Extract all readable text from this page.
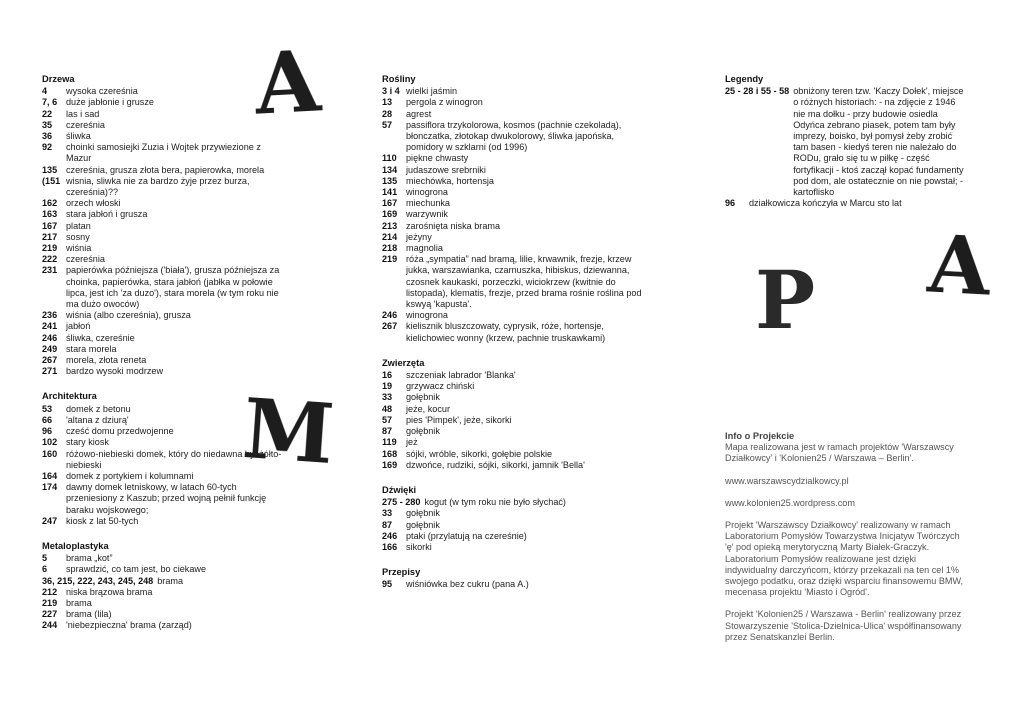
A
M
P A
Drzewa
4	wysoka czereśnia
7, 6 duże jabłonie i grusze
22	las i sad
35	czereśnia
36	śliwka
92	choinki samosiejki Zuzia i Wojtek przywiezione z Mazur
135 czereśnia, grusza złota bera, papierowka, morela
(151 wisnia, sliwka nie za bardzo żyje przez burza, czereśnia)??
162 orzech włoski
163 stara jabłoń i grusza
167 platan
217 sosny
219 wiśnia
222 czereśnia
231 papierówka późniejsza ('biała'), grusza późniejsza za choinka, papierówka, stara jabłoń (jabłka w połowie lipca, jest ich 'za duzo'), stara morela (w tym roku nie ma dużo owoców)
236 wiśnia (albo czereśnia), grusza
241 jabłoń
246 śliwka, czereśnie
249 stara morela
267 morela, złota reneta
271 bardzo wysoki modrzew
Architektura
53	domek z betonu
66	'altana z dziurą'
96	cześć domu przedwojenne
102 stary kiosk
160 różowo-niebieski domek, który do niedawna był żółto-niebieski
164 domek z portykiem i kolumnami
174 dawny domek letniskowy, w latach 60-tych przeniesiony z Kaszub; przed wojną pełnił funkcję baraku wojskowego;
247 kiosk z lat 50-tych
Metaloplastyka
5	brama „kot”
6	sprawdzić, co tam jest, bo ciekawe
36, 215, 222, 243, 245, 248 brama
212 niska brązowa brama
219 brama
227 brama (lila)
244 'niebezpieczna' brama (zarząd)
Rośliny
3 i 4 wielki jaśmin
13	pergola z winogron
28	agrest
57	passiflora trzykolorowa, kosmos (pachnie czekoladą), błonczatka, złotokap dwukolorowy, śliwka japońska, pomidory w szklarni (od 1996)
110	piękne chwasty
134 judaszowe srebrniki
135 miechówka, hortensja
141 winogrona
167 miechunka
169 warzywnik
213 zarośnięta niska brama
214 jeżyny
218 magnolia
219 róża „sympatia” nad bramą, lilie, krwawnik, frezje, krzew jukka, warszawianka, czarnuszka, hibiskus, dziewanna, czosnek kaukaski, porzeczki, wiciokrzew (kwitnie do listopada), klematis, frezje, przed brama rośnie roślina pod kswyą 'kapusta'.
246 winogrona
267 kielisznik bluszczowaty, cyprysik, róże, hortensje, kielichowiec wonny (krzew, pachnie truskawkami)
Zwierzęta
16	szczeniak labrador 'Blanka'
19	grzywacz chiński
33	gołębnik
48	jeże, kocur
57	pies 'Pimpek', jeże, sikorki
87	gołębnik
119	jeż
168 sójki, wróble, sikorki, gołębie polskie
169 dzwońce, rudziki, sójki, sikorki, jamnik 'Bella'
Dźwięki
275 - 280 kogut (w tym roku nie było słychać)
33	gołębnik
87	gołębnik
246 ptaki (przylatują na czereśnie)
166 sikorki
Przepisy
95	wiśniówka bez cukru (pana A.)
Legendy
25 - 28 i 55 - 58 obniżony teren tzw. 'Kaczy Dołek', miejsce o różnych historiach: - na zdjęcie z 1946 nie ma dołku - przy budowie osiedla Odyńca zebrano piasek, potem tam były imprezy, boisko, był pomysł żeby zrobić tam basen - kiedyś teren nie należało do RODu, grało się tu w piłkę - część fortyfikacji - ktoś zaczął kopać fundamenty pod dom, ale ostatecznie on nie powstał; - kartoflisko
96	działkowicza kończyła w Marcu sto lat
Info o Projekcie

Mapa realizowana jest w ramach projektów 'Warszawscy Działkowcy' i 'Kolonien25 / Warszawa – Berlin'.

www.warszawscydzialkowcy.pl

www.kolonien25.wordpress.com

Projekt 'Warszawscy Działkowcy' realizowany w ramach Laboratorium Pomysłów Towarzystwa Inicjatyw Twórczych 'ę' pod opieką merytoryczną Marty Białek-Graczyk. Laboratorium Pomysłów realizowane jest dzięki indywidualny darczyńcom, którzy przekazali na ten cel 1% swojego podatku, oraz dzięki wsparciu finansowemu BMW, mecenasa projektu 'Miasto i Ogród'.

Projekt 'Kolonien25 / Warszawa - Berlin' realizowany przez Stowarzyszenie 'Stolica-Dzielnica-Ulica' współfinansowany przez Senatskanzlei Berlin.
